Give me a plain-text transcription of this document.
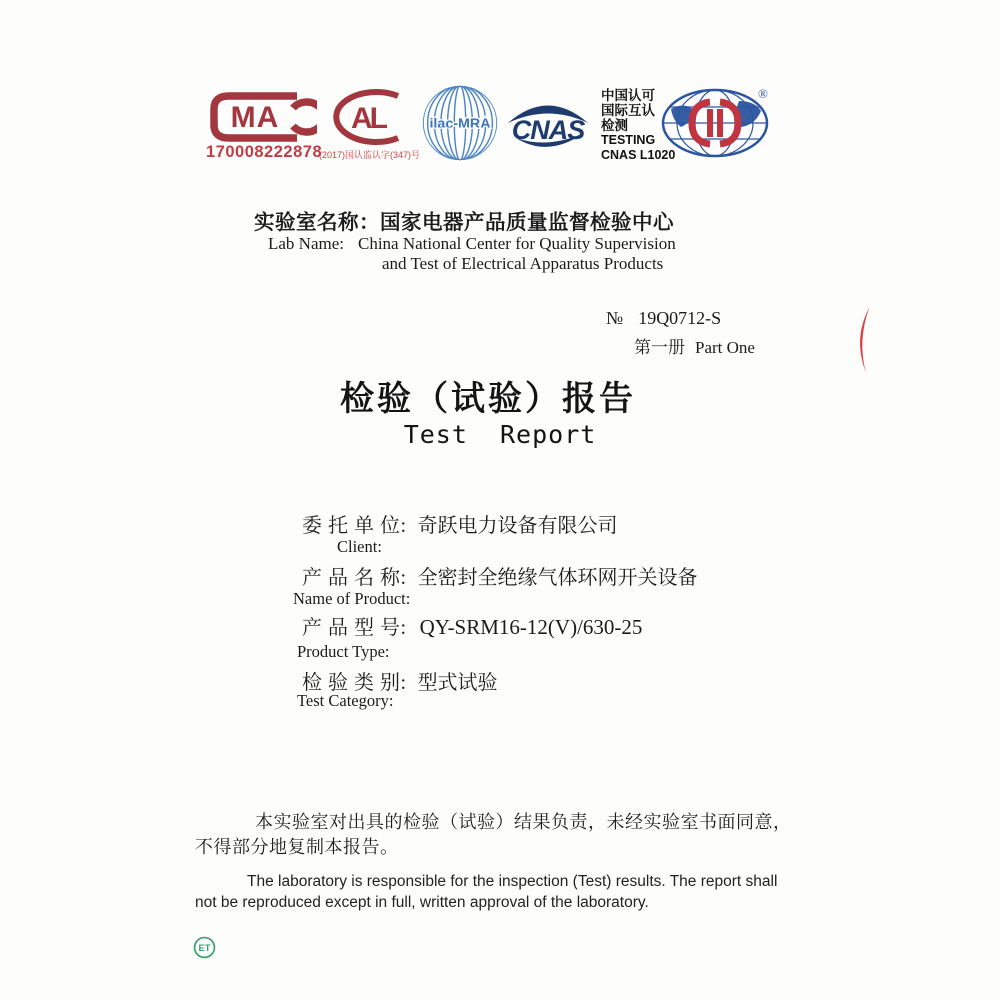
MA
170008222878
AL
(2017)国认监认字(347)号
ilac-MRA CNAS
中国认可
国际互认
检测
TESTING
CNAS L1020
®
实验室名称：国家电器产品质量监督检验中心
Lab Name: China National Center for Quality Supervision
and Test of Electrical Apparatus Products
№ 19Q0712-S
第一册 Part One
检验（试验）报告
Test  Report
委 托 单 位: 奇跃电力设备有限公司
Client:
产 品 名 称: 全密封全绝缘气体环网开关设备
Name of Product:
产 品 型 号: QY-SRM16-12(V)/630-25
Product Type:
检 验 类 别: 型式试验
Test Category:
本实验室对出具的检验（试验）结果负责，未经实验室书面同意，
不得部分地复制本报告。
The laboratory is responsible for the inspection (Test) results. The report shall
not be reproduced except in full, written approval of the laboratory.
ET
